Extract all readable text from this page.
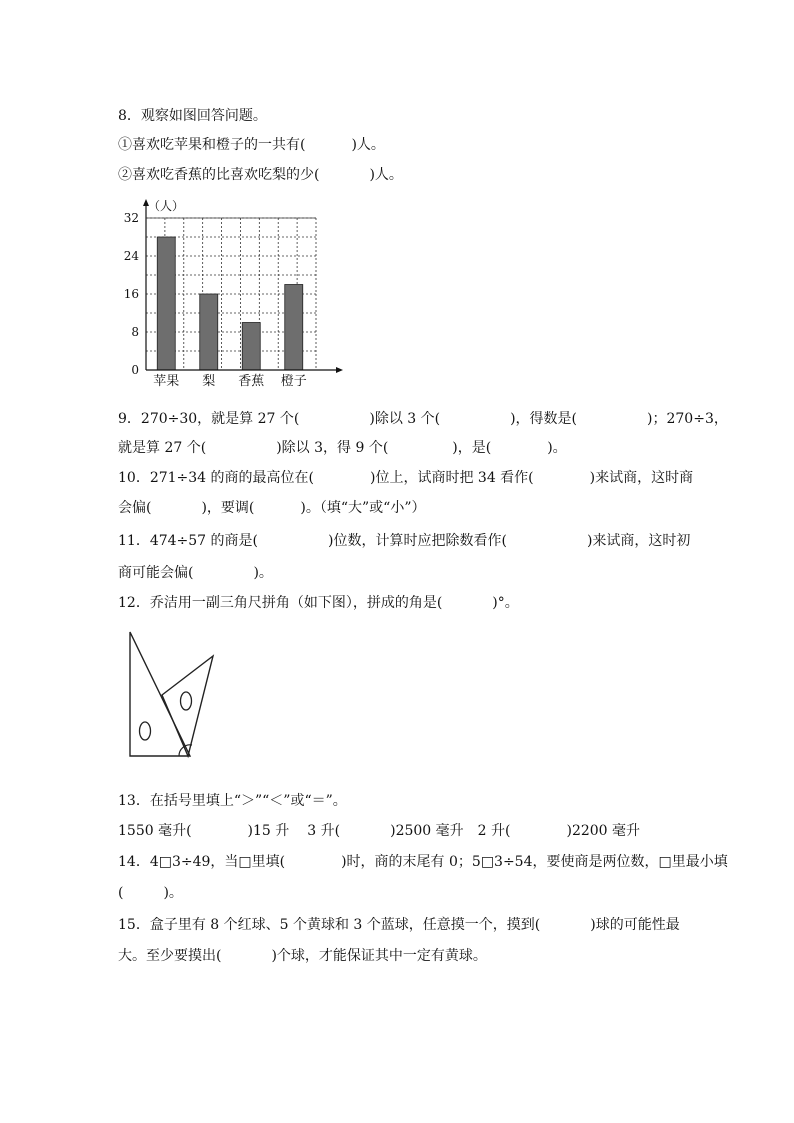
8．观察如图回答问题。
①喜欢吃苹果和橙子的一共有(	)人。
②喜欢吃香蕉的比喜欢吃梨的少(	)人。
苹果 梨 香蕉 橙子
0
8
16
24
32
（人）
9．270÷30，就是算 27 个(	)除以 3 个(	)，得数是(	)；270÷3，
就是算 27 个(	)除以 3，得 9 个(	)，是(	)。
10．271÷34 的商的最高位在(	)位上，试商时把 34 看作(	)来试商，这时商
会偏(	)，要调(	)。（填“大”或“小”）
11．474÷57 的商是(	)位数，计算时应把除数看作(	)来试商，这时初
商可能会偏(	)。
12．乔洁用一副三角尺拼角（如下图），拼成的角是(	)°。
13．在括号里填上“＞”“＜”或“＝”。
1550 毫升(	)15 升 3 升(	)2500 毫升 2 升(	)2200 毫升
14．4□3÷49，当□里填(	)时，商的末尾有 0；5□3÷54，要使商是两位数，□里最小填
(	)。
15．盒子里有 8 个红球、5 个黄球和 3 个蓝球，任意摸一个，摸到(	)球的可能性最
大。至少要摸出(	)个球，才能保证其中一定有黄球。
